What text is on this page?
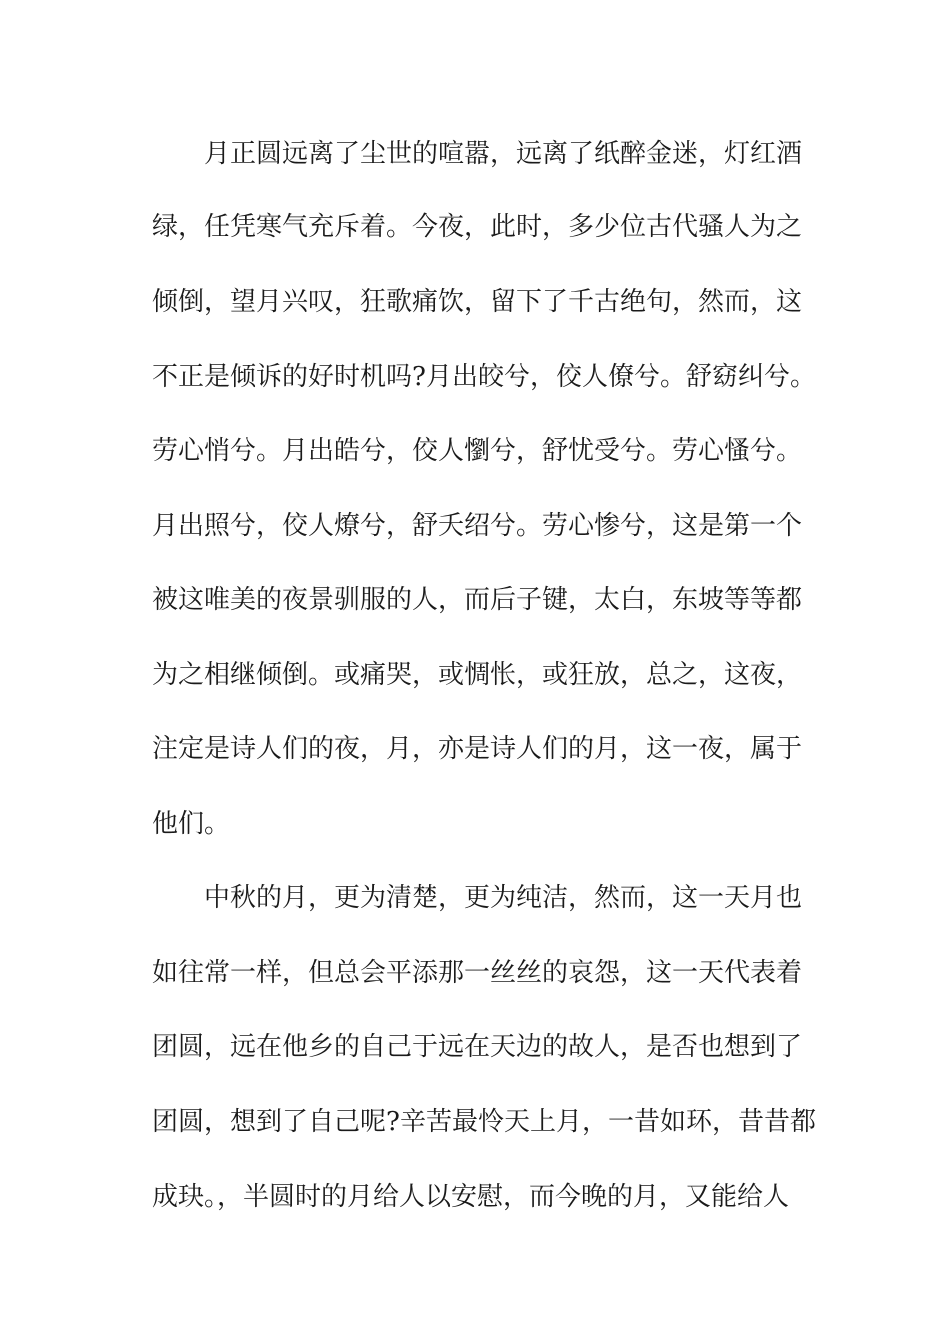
月正圆远离了尘世的喧嚣，远离了纸醉金迷，灯红酒
绿，任凭寒气充斥着。今夜，此时，多少位古代骚人为之
倾倒，望月兴叹，狂歌痛饮，留下了千古绝句，然而，这
不正是倾诉的好时机吗?月出皎兮，佼人僚兮。舒窈纠兮。
劳心悄兮。月出皓兮，佼人懰兮，舒忧受兮。劳心慅兮。
月出照兮，佼人燎兮，舒夭绍兮。劳心惨兮，这是第一个
被这唯美的夜景驯服的人，而后子键，太白，东坡等等都
为之相继倾倒。或痛哭，或惆怅，或狂放，总之，这夜，
注定是诗人们的夜，月，亦是诗人们的月，这一夜，属于
他们。
中秋的月，更为清楚，更为纯洁，然而，这一天月也
如往常一样，但总会平添那一丝丝的哀怨，这一天代表着
团圆，远在他乡的自己于远在天边的故人，是否也想到了
团圆，想到了自己呢?辛苦最怜天上月，一昔如环，昔昔都
成玦。，半圆时的月给人以安慰，而今晚的月，又能给人
